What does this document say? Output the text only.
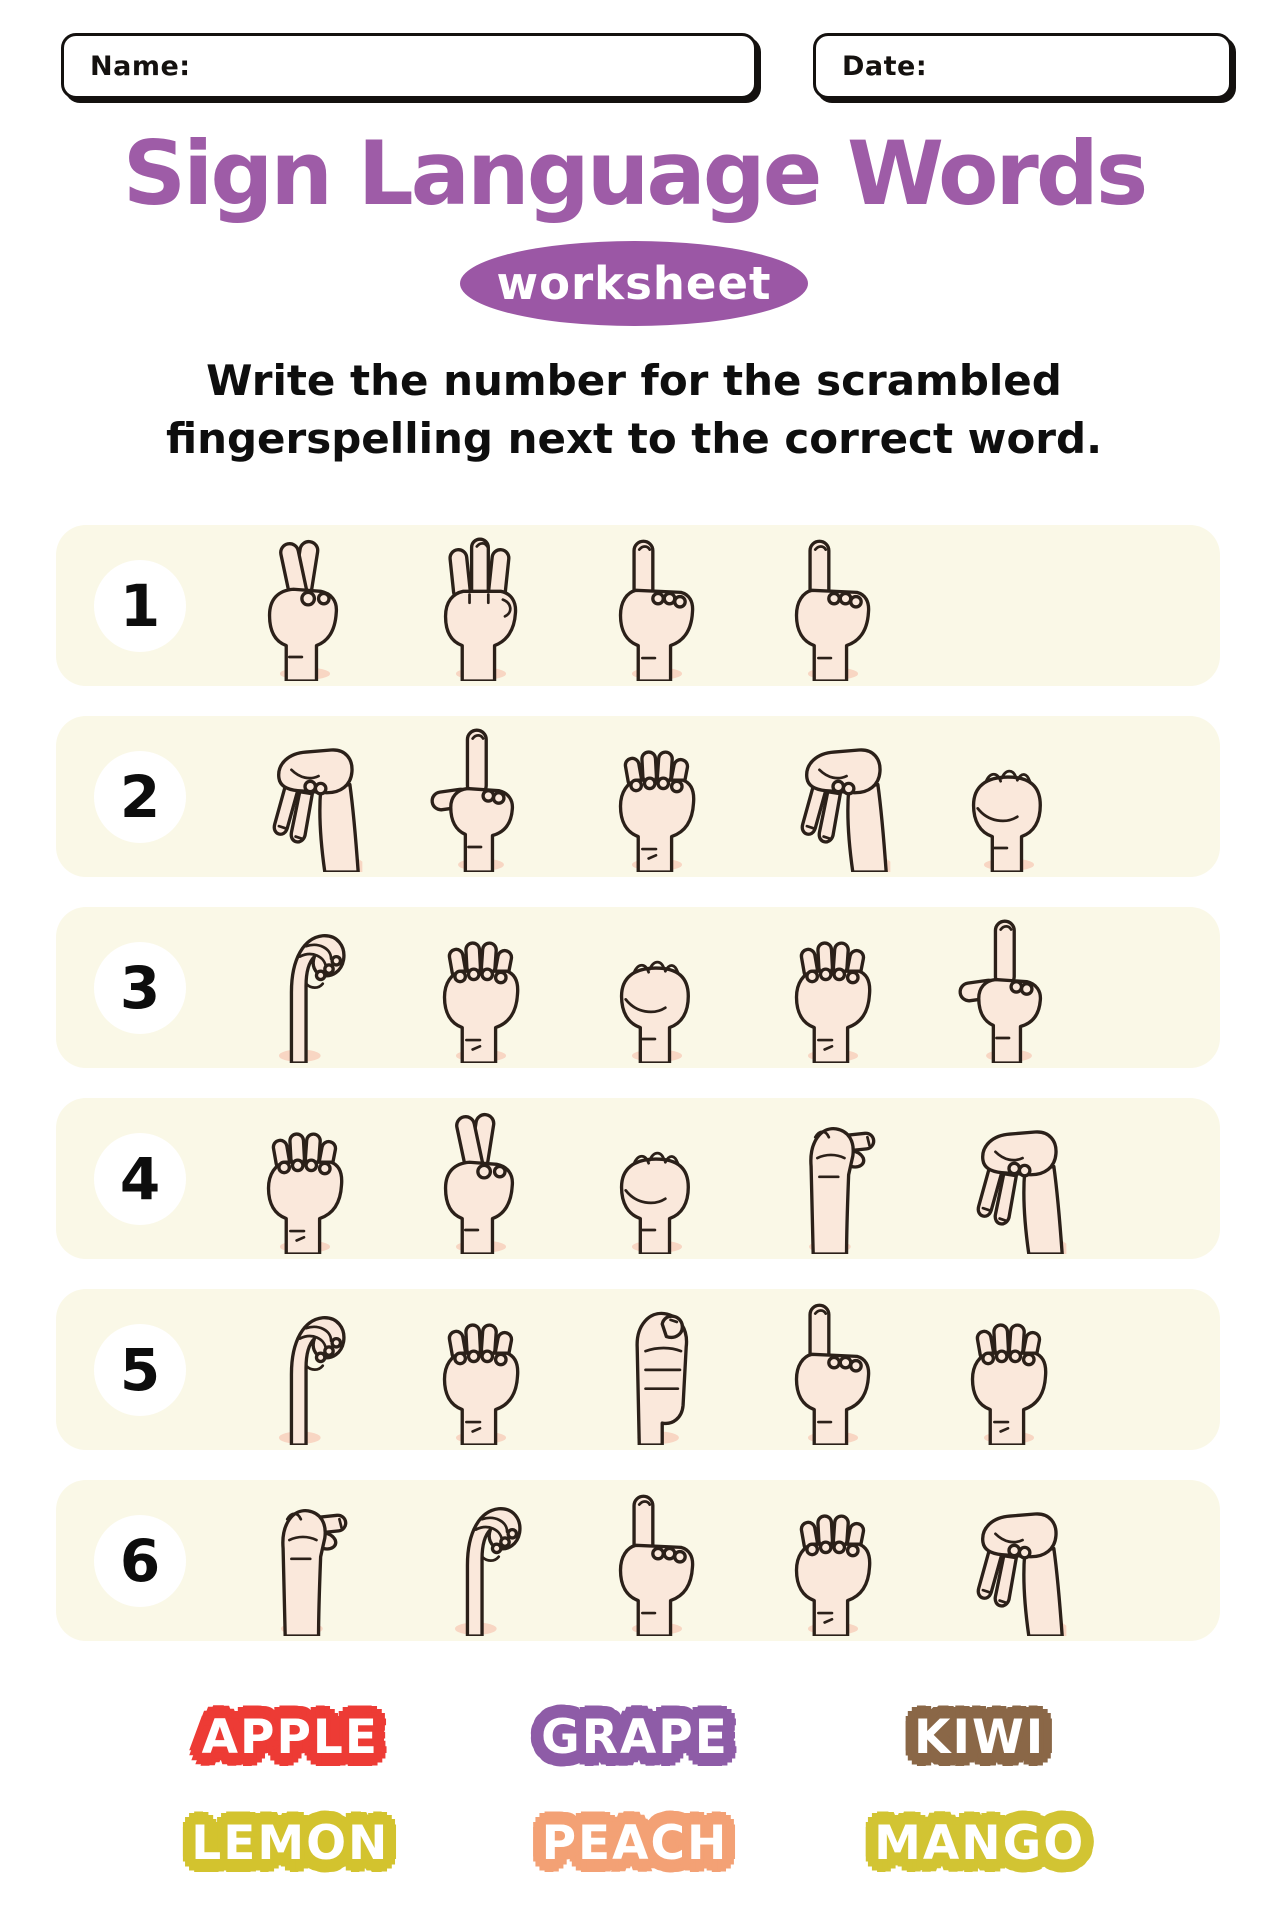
Name:	Date:
Sign Language Words
worksheet
Write the number for the scrambled fingerspelling next to the correct word.
1
2
3
4
5
6
APPLE	GRAPE	KIWI
LEMON	PEACH	MANGO
